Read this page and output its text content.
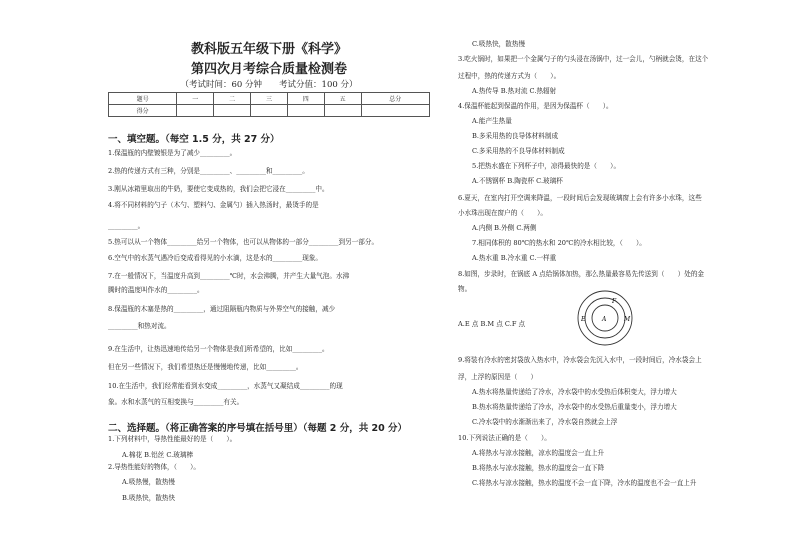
教科版五年级下册《科学》
第四次月考综合质量检测卷
（考试时间：60 分钟　　考试分值：100 分）
题号	一	二	三	四	五	总分
得分						
一、填空题。（每空 1.5 分，共 27 分）
1.保温瓶的内壁镀银是为了减少_________。
2.热的传递方式有三种，分别是_________、_________和_________。
3.刚从冰箱里取出的牛奶，要使它变成热的，我们会把它浸在_________中。
4.将不同材料的勺子（木勺、塑料勺、金属勺）插入热汤时，最烫手的是
_________。
5.热可以从一个物体_________给另一个物体，也可以从物体的一部分_________到另一部分。
6.空气中的水蒸气遇冷后变成看得见的小水滴，这是水的_________现象。
7.在一般情况下，当温度升高到_________℃时，水会沸腾，并产生大量气泡。水沸
腾时的温度叫作水的_________。
8.保温瓶的木塞是热的_________，通过阻隔瓶内物质与外界空气的接触，减少
_________和热对流。
9.在生活中，让热迅速地传给另一个物体是我们所希望的，比如_________。
但在另一些情况下，我们希望热还是慢慢地传递，比如_________。
10.在生活中，我们经常能看到水变成_________，水蒸气又凝结成_________的现
象。水和水蒸气的互相变换与_________有关。
二、选择题。（将正确答案的序号填在括号里）（每题 2 分，共 20 分）
1.下列材料中，导热性能最好的是（　　）。
A.棉花 B.铝丝 C.玻璃棒
2.导热性能好的物体，（　　）。
A.吸热慢，散热慢
B.吸热快，散热快
C.吸热快，散热慢
3.吃火锅时，如果把一个金属勺子的勺头浸在汤锅中，过一会儿，勺柄就会烫，在这个
过程中，热的传递方式为（　　）。
A.热传导 B.热对流 C.热辐射
4.保温杯能起到保温的作用，是因为保温杯（　　）。
A.能产生热量
B.多采用热的良导体材料制成
C.多采用热的不良导体材料制成
5.把热水盛在下列杯子中，凉得最快的是（　　）。
A.不锈钢杯 B.陶瓷杯 C.玻璃杯
6.夏天，在室内打开空调来降温，一段时间后会发现玻璃窗上会有许多小水珠，这些
小水珠出现在窗户的（　　）。
A.内侧 B.外侧 C.两侧
7.相同体积的 80℃的热水和 20℃的冷水相比较，（　　）。
A.热水重 B.冷水重 C.一样重
8.如图，步录时，在锅底 A 点给锅体加热，那么热量最容易先传送到（　　）处的金
物。
A.E 点 B.M 点 C.F 点
9.将装有冷水的密封袋放入热水中，冷水袋会先沉入水中，一段时间后，冷水袋会上
浮，上浮的原因是（　　）
A.热水将热量传递给了冷水，冷水袋中的水受热后体积变大，浮力增大
B.热水将热量传递给了冷水，冷水袋中的水受热后重量变小，浮力增大
C.冷水袋中的水渐渐出来了，冷水袋自然就会上浮
10.下列说法正确的是（　　）。
A.将热水与凉水接触，凉水的温度会一直上升
B.将热水与凉水接触，热水的温度会一直下降
C.将热水与凉水接触，热水的温度不会一直下降，冷水的温度也不会一直上升
F
E	A	M
